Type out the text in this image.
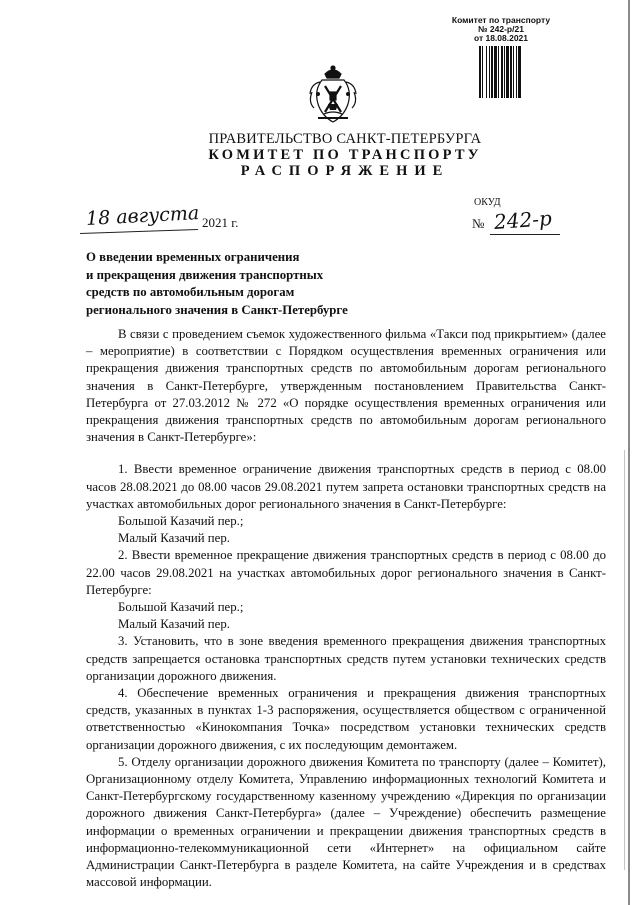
Комитет по транспорту
№ 242-р/21
от 18.08.2021
ПРАВИТЕЛЬСТВО САНКТ-ПЕТЕРБУРГА
КОМИТЕТ ПО ТРАНСПОРТУ
РАСПОРЯЖЕНИЕ
ОКУД
18 августа 2021 г.	№ 242-р
О введении временных ограничения
и прекращения движения транспортных
средств по автомобильным дорогам
регионального значения в Санкт-Петербурге

В связи с проведением съемок художественного фильма «Такси под прикрытием» (далее – мероприятие) в соответствии с Порядком осуществления временных ограничения или прекращения движения транспортных средств по автомобильным дорогам регионального значения в Санкт-Петербурге, утвержденным постановлением Правительства Санкт-Петербурга от 27.03.2012 № 272 «О порядке осуществления временных ограничения или прекращения движения транспортных средств по автомобильным дорогам регионального значения в Санкт-Петербурге»:

1. Ввести временное ограничение движения транспортных средств в период с 08.00 часов 28.08.2021 до 08.00 часов 29.08.2021 путем запрета остановки транспортных средств на участках автомобильных дорог регионального значения в Санкт-Петербурге:

Большой Казачий пер.;

Малый Казачий пер.

2. Ввести временное прекращение движения транспортных средств в период с 08.00 до 22.00 часов 29.08.2021 на участках автомобильных дорог регионального значения в Санкт-Петербурге:

Большой Казачий пер.;

Малый Казачий пер.

3. Установить, что в зоне введения временного прекращения движения транспортных средств запрещается остановка транспортных средств путем установки технических средств организации дорожного движения.

4. Обеспечение временных ограничения и прекращения движения транспортных средств, указанных в пунктах 1-3 распоряжения, осуществляется обществом с ограниченной ответственностью «Кинокомпания Точка» посредством установки технических средств организации дорожного движения, с их последующим демонтажем.

5. Отделу организации дорожного движения Комитета по транспорту (далее – Комитет), Организационному отделу Комитета, Управлению информационных технологий Комитета и Санкт-Петербургскому государственному казенному учреждению «Дирекция по организации дорожного движения Санкт-Петербурга» (далее – Учреждение) обеспечить размещение информации о временных ограничении и прекращении движения транспортных средств в информационно-телекоммуникационной сети «Интернет» на официальном сайте Администрации Санкт-Петербурга в разделе Комитета, на сайте Учреждения и в средствах массовой информации.
